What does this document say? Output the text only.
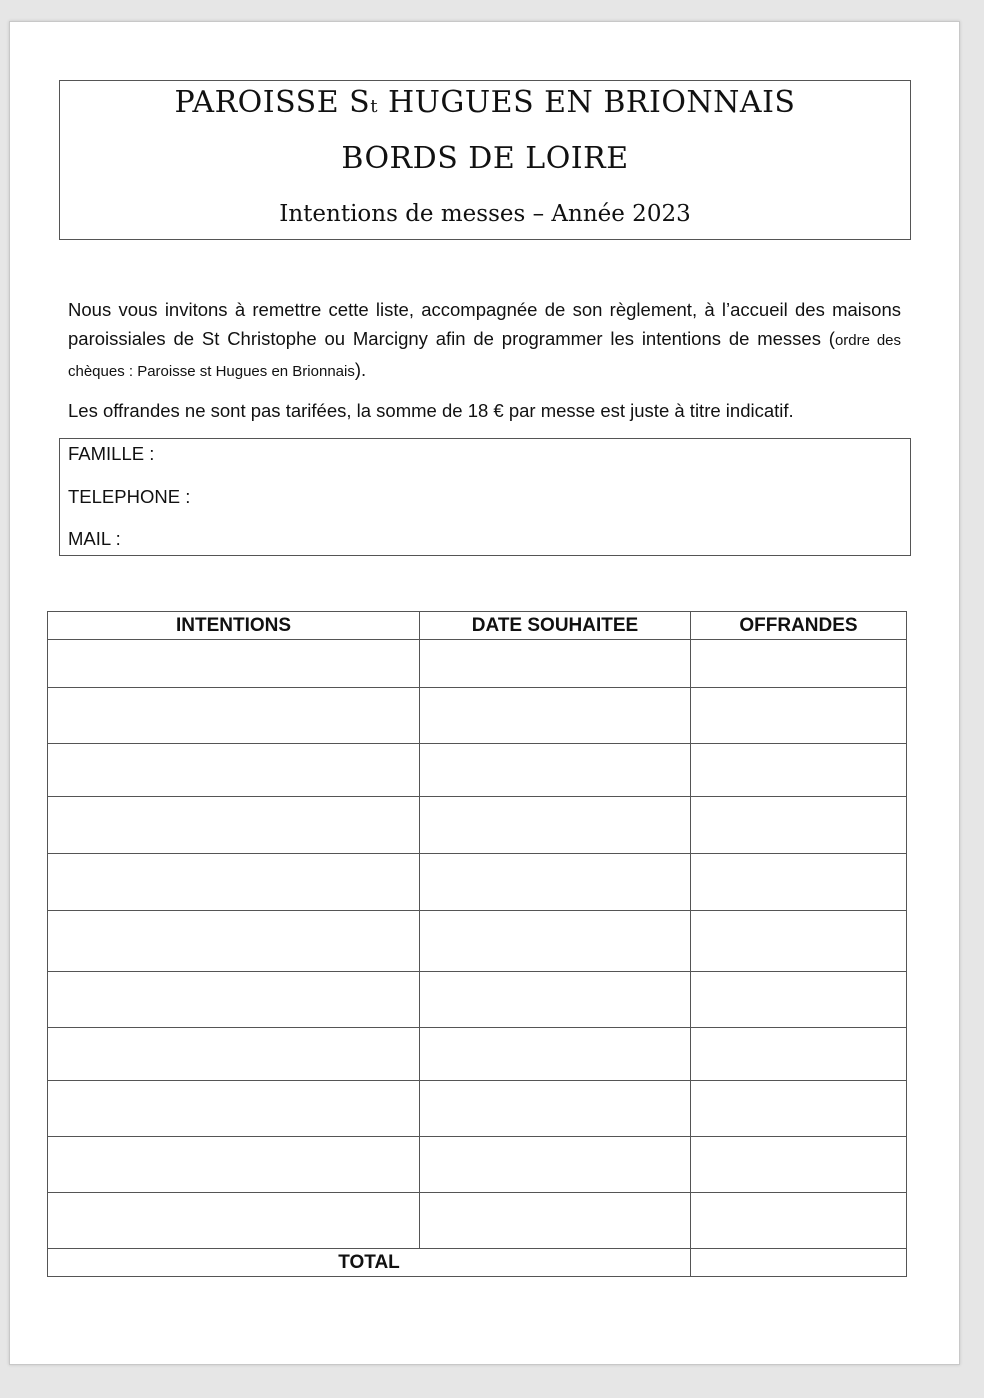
PAROISSE St HUGUES EN BRIONNAIS
BORDS DE LOIRE
Intentions de messes – Année 2023
Nous vous invitons à remettre cette liste, accompagnée de son règlement, à l’accueil des maisons paroissiales de St Christophe ou Marcigny afin de programmer les intentions de messes (ordre des chèques : Paroisse st Hugues en Brionnais).
Les offrandes ne sont pas tarifées, la somme de 18 € par messe est juste à titre indicatif.
FAMILLE :
TELEPHONE :
MAIL :
INTENTIONS	DATE SOUHAITEE	OFFRANDES

TOTAL		
